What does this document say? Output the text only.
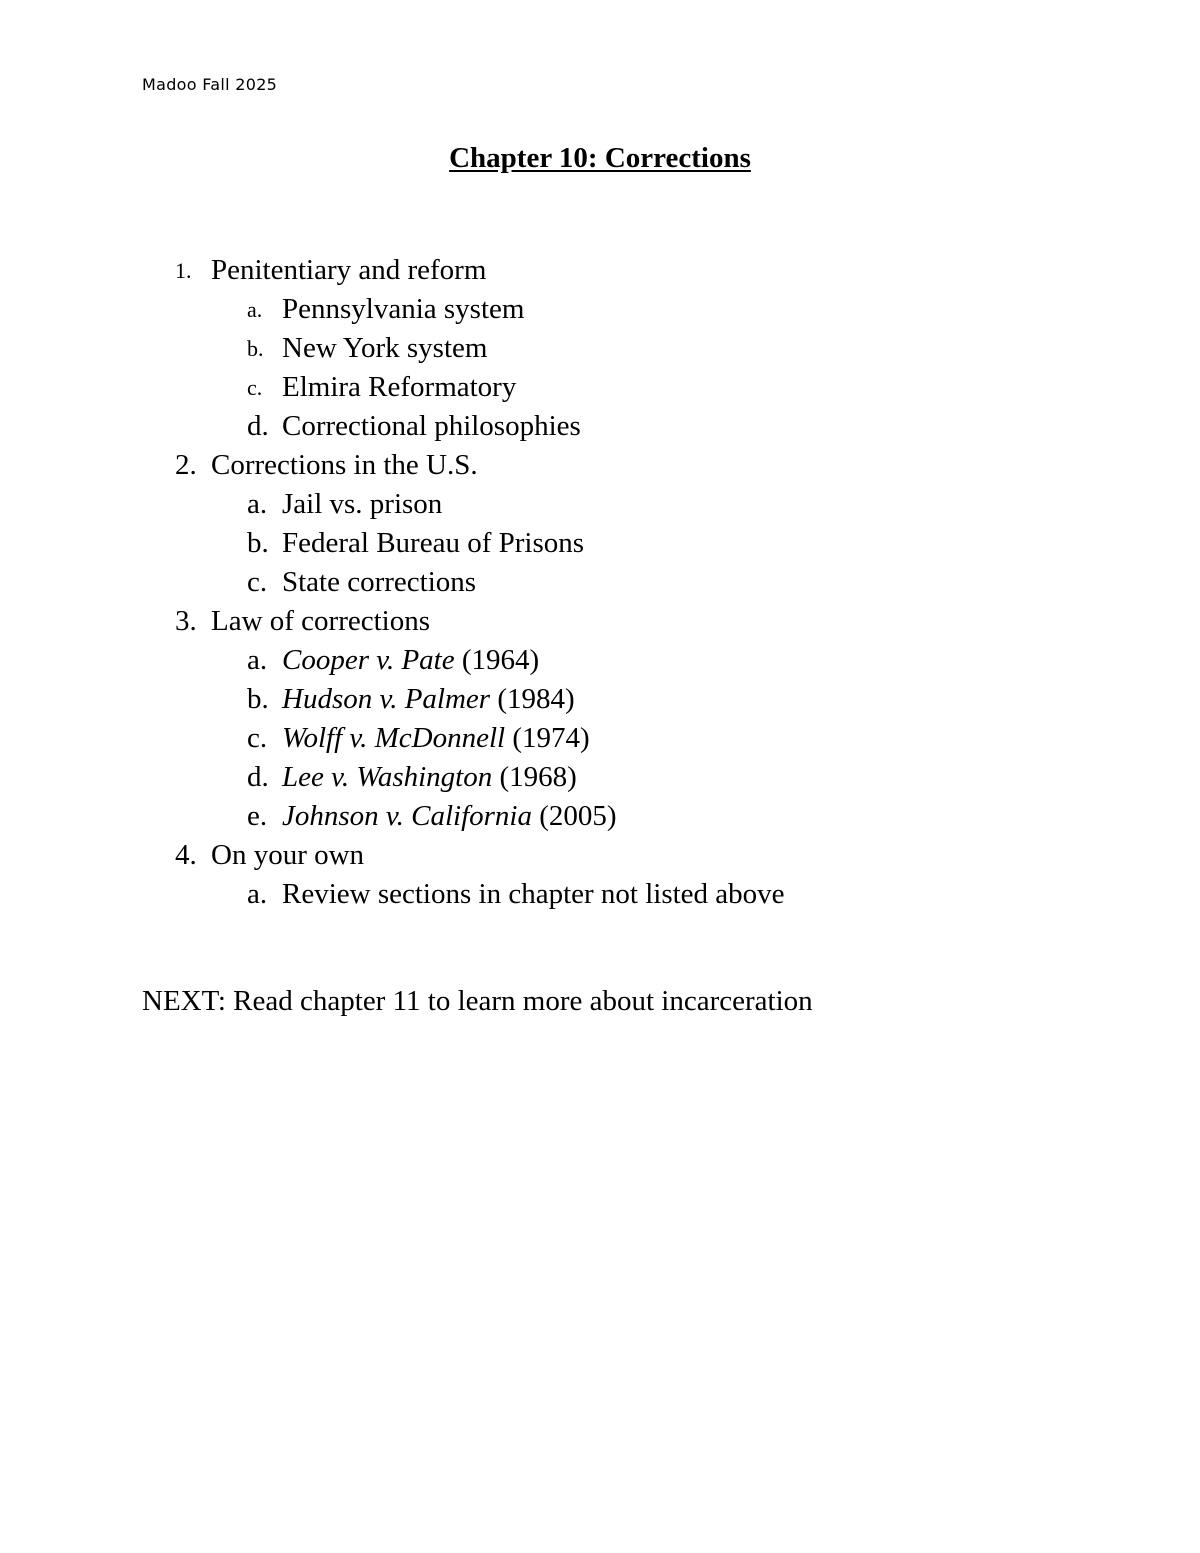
Madoo Fall 2025
Chapter 10: Corrections
1. Penitentiary and reform
a. Pennsylvania system
b. New York system
c. Elmira Reformatory
d. Correctional philosophies
2. Corrections in the U.S.
a. Jail vs. prison
b. Federal Bureau of Prisons
c. State corrections
3. Law of corrections
a. Cooper v. Pate (1964)
b. Hudson v. Palmer (1984)
c. Wolff v. McDonnell (1974)
d. Lee v. Washington (1968)
e. Johnson v. California (2005)
4. On your own
a. Review sections in chapter not listed above
NEXT: Read chapter 11 to learn more about incarceration
